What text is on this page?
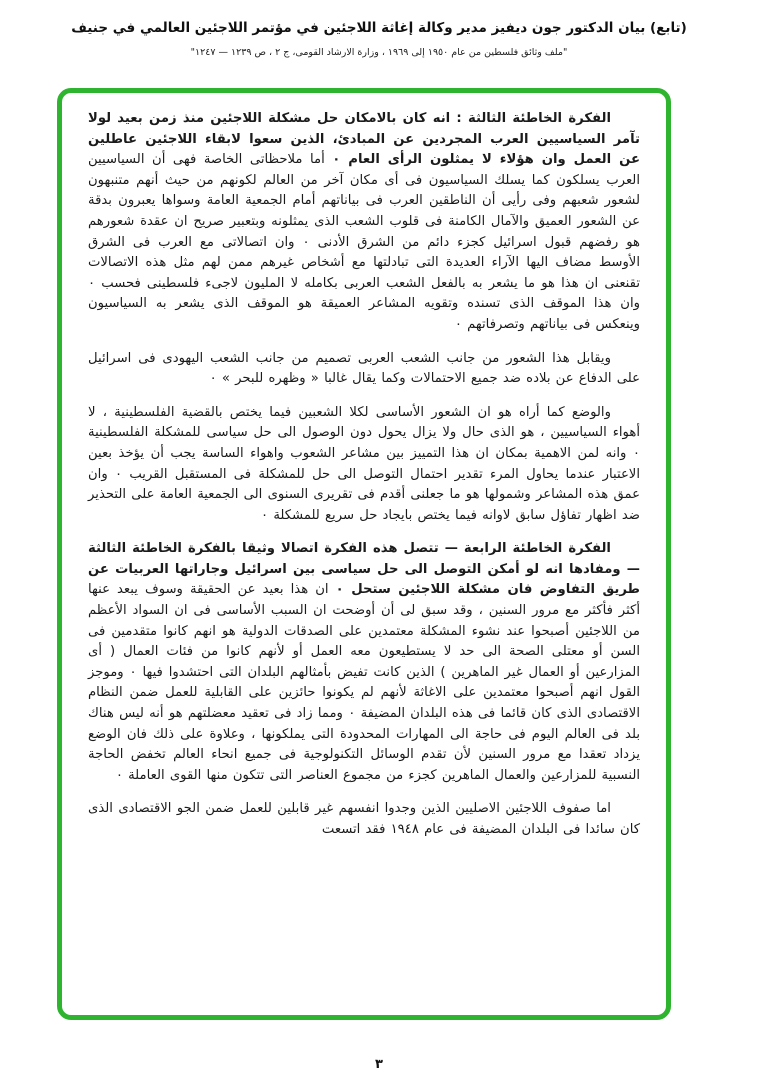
(تابع) بيان الدكتور جون ديفيز مدير وكالة إغاثة اللاجئين في مؤتمر اللاجئين العالمي في جنيف
"ملف وثائق فلسطين من عام ١٩٥٠ إلى ١٩٦٩ ، وزارة الارشاد القومى، ج ٢ ، ص ١٢٣٩ — ١٢٤٧"

الفكرة الخاطئة الثالثة : انه كان بالامكان حل مشكلة اللاجئين منذ زمن بعيد لولا تآمر السياسيين العرب المجردين عن المبادئ، الذين سعوا لابقاء اللاجئين عاطلين عن العمل وان هؤلاء لا يمثلون الرأى العام ٠ أما ملاحظاتى الخاصة فهى أن السياسيين العرب يسلكون كما يسلك السياسيون فى أى مكان آخر من العالم لكونهم من حيث أنهم متنبهون لشعور شعبهم وفى رأيى أن الناطقين العرب فى بياناتهم أمام الجمعية العامة وسواها يعبرون بدقة عن الشعور العميق والآمال الكامنة فى قلوب الشعب الذى يمثلونه وبتعبير صريح ان عقدة شعورهم هو رفضهم قبول اسرائيل كجزء دائم من الشرق الأدنى ٠ وان اتصالاتى مع العرب فى الشرق الأوسط مضاف اليها الآراء العديدة التى تبادلتها مع أشخاص غيرهم ممن لهم مثل هذه الاتصالات تقنعنى ان هذا هو ما يشعر به بالفعل الشعب العربى بكامله لا المليون لاجىء فلسطينى فحسب ٠ وان هذا الموقف الذى تسنده وتقويه المشاعر العميقة هو الموقف الذى يشعر به السياسيون وينعكس فى بياناتهم وتصرفاتهم ٠

ويقابل هذا الشعور من جانب الشعب العربى تصميم من جانب الشعب اليهودى فى اسرائيل على الدفاع عن بلاده ضد جميع الاحتمالات وكما يقال غالبا « وظهره للبحر » ٠

والوضع كما أراه هو ان الشعور الأساسى لكلا الشعبين فيما يختص بالقضية الفلسطينية ، لا أهواء السياسيين ، هو الذى حال ولا يزال يحول دون الوصول الى حل سياسى للمشكلة الفلسطينية ٠ وانه لمن الاهمية بمكان ان هذا التمييز بين مشاعر الشعوب واهواء الساسة يجب أن يؤخذ بعين الاعتبار عندما يحاول المرء تقدير احتمال التوصل الى حل للمشكلة فى المستقبل القريب ٠ وان عمق هذه المشاعر وشمولها هو ما جعلنى أقدم فى تقريرى السنوى الى الجمعية العامة على التحذير ضد اظهار تفاؤل سابق لاوانه فيما يختص بايجاد حل سريع للمشكلة ٠

الفكرة الخاطئة الرابعة — تتصل هذه الفكرة اتصالا وثيقا بالفكرة الخاطئة الثالثة — ومفادها انه لو أمكن التوصل الى حل سياسى بين اسرائيل وجاراتها العربيات عن طريق التفاوض فان مشكلة اللاجئين ستحل ٠ ان هذا بعيد عن الحقيقة وسوف يبعد عنها أكثر فأكثر مع مرور السنين ، وقد سبق لى أن أوضحت ان السبب الأساسى فى ان السواد الأعظم من اللاجئين أصبحوا عند نشوء المشكلة معتمدين على الصدقات الدولية هو انهم كانوا متقدمين فى السن أو معتلى الصحة الى حد لا يستطيعون معه العمل أو لأنهم كانوا من فئات العمال ( أى المزارعين أو العمال غير الماهرين ) الذين كانت تفيض بأمثالهم البلدان التى احتشدوا فيها ٠ وموجز القول انهم أصبحوا معتمدين على الاغاثة لأنهم لم يكونوا حائزين على القابلية للعمل ضمن النظام الاقتصادى الذى كان قائما فى هذه البلدان المضيفة ٠ ومما زاد فى تعقيد معضلتهم هو أنه ليس هناك بلد فى العالم اليوم فى حاجة الى المهارات المحدودة التى يملكونها ، وعلاوة على ذلك فان الوضع يزداد تعقدا مع مرور السنين لأن تقدم الوسائل التكنولوجية فى جميع انحاء العالم تخفض الحاجة النسبية للمزارعين والعمال الماهرين كجزء من مجموع العناصر التى تتكون منها القوى العاملة ٠

اما صفوف اللاجئين الاصليين الذين وجدوا انفسهم غير قابلين للعمل ضمن الجو الاقتصادى الذى كان سائدا فى البلدان المضيفة فى عام ١٩٤٨ فقد اتسعت

٣
